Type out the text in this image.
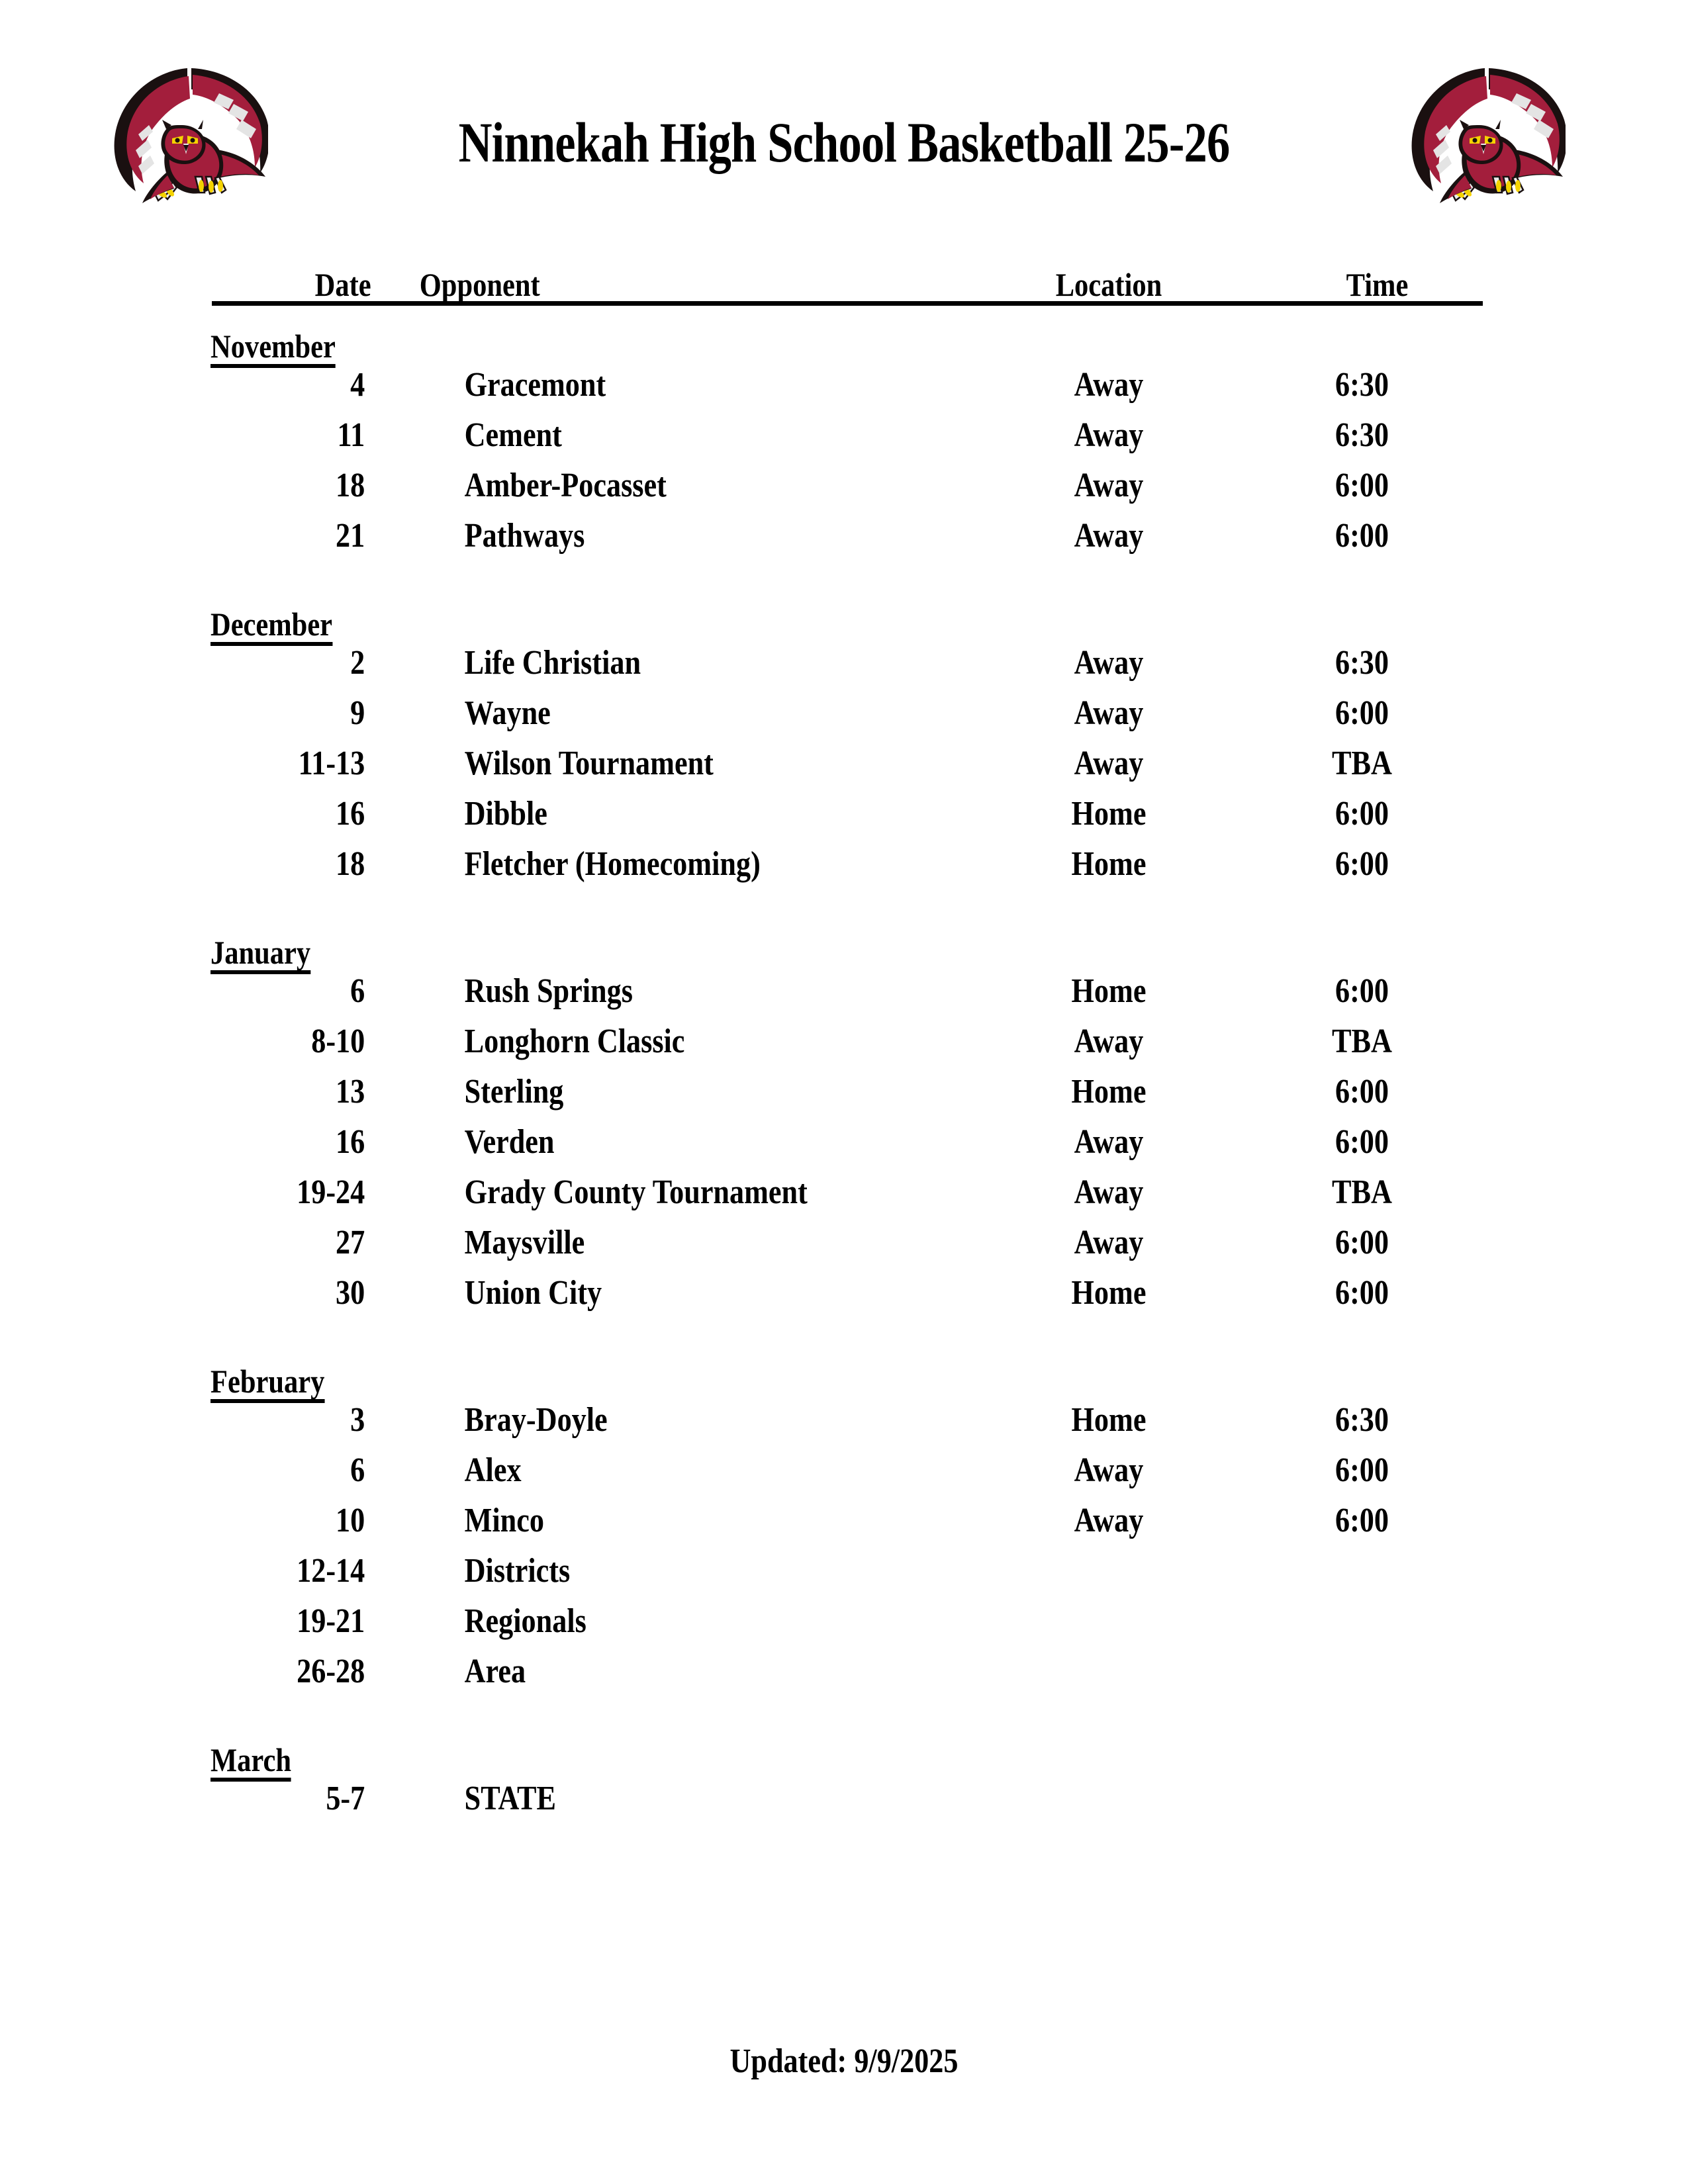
Ninnekah High School Basketball 25-26
Date	Opponent	Location	Time
November
4	Gracemont	Away	6:30
11	Cement	Away	6:30
18	Amber-Pocasset	Away	6:00
21	Pathways	Away	6:00
December
2	Life Christian	Away	6:30
9	Wayne	Away	6:00
11-13	Wilson Tournament	Away	TBA
16	Dibble	Home	6:00
18	Fletcher (Homecoming)	Home	6:00
January
6	Rush Springs	Home	6:00
8-10	Longhorn Classic	Away	TBA
13	Sterling	Home	6:00
16	Verden	Away	6:00
19-24	Grady County Tournament	Away	TBA
27	Maysville	Away	6:00
30	Union City	Home	6:00
February
3	Bray-Doyle	Home	6:30
6	Alex	Away	6:00
10	Minco	Away	6:00
12-14	Districts
19-21	Regionals
26-28	Area
March
5-7	STATE
Updated: 9/9/2025
